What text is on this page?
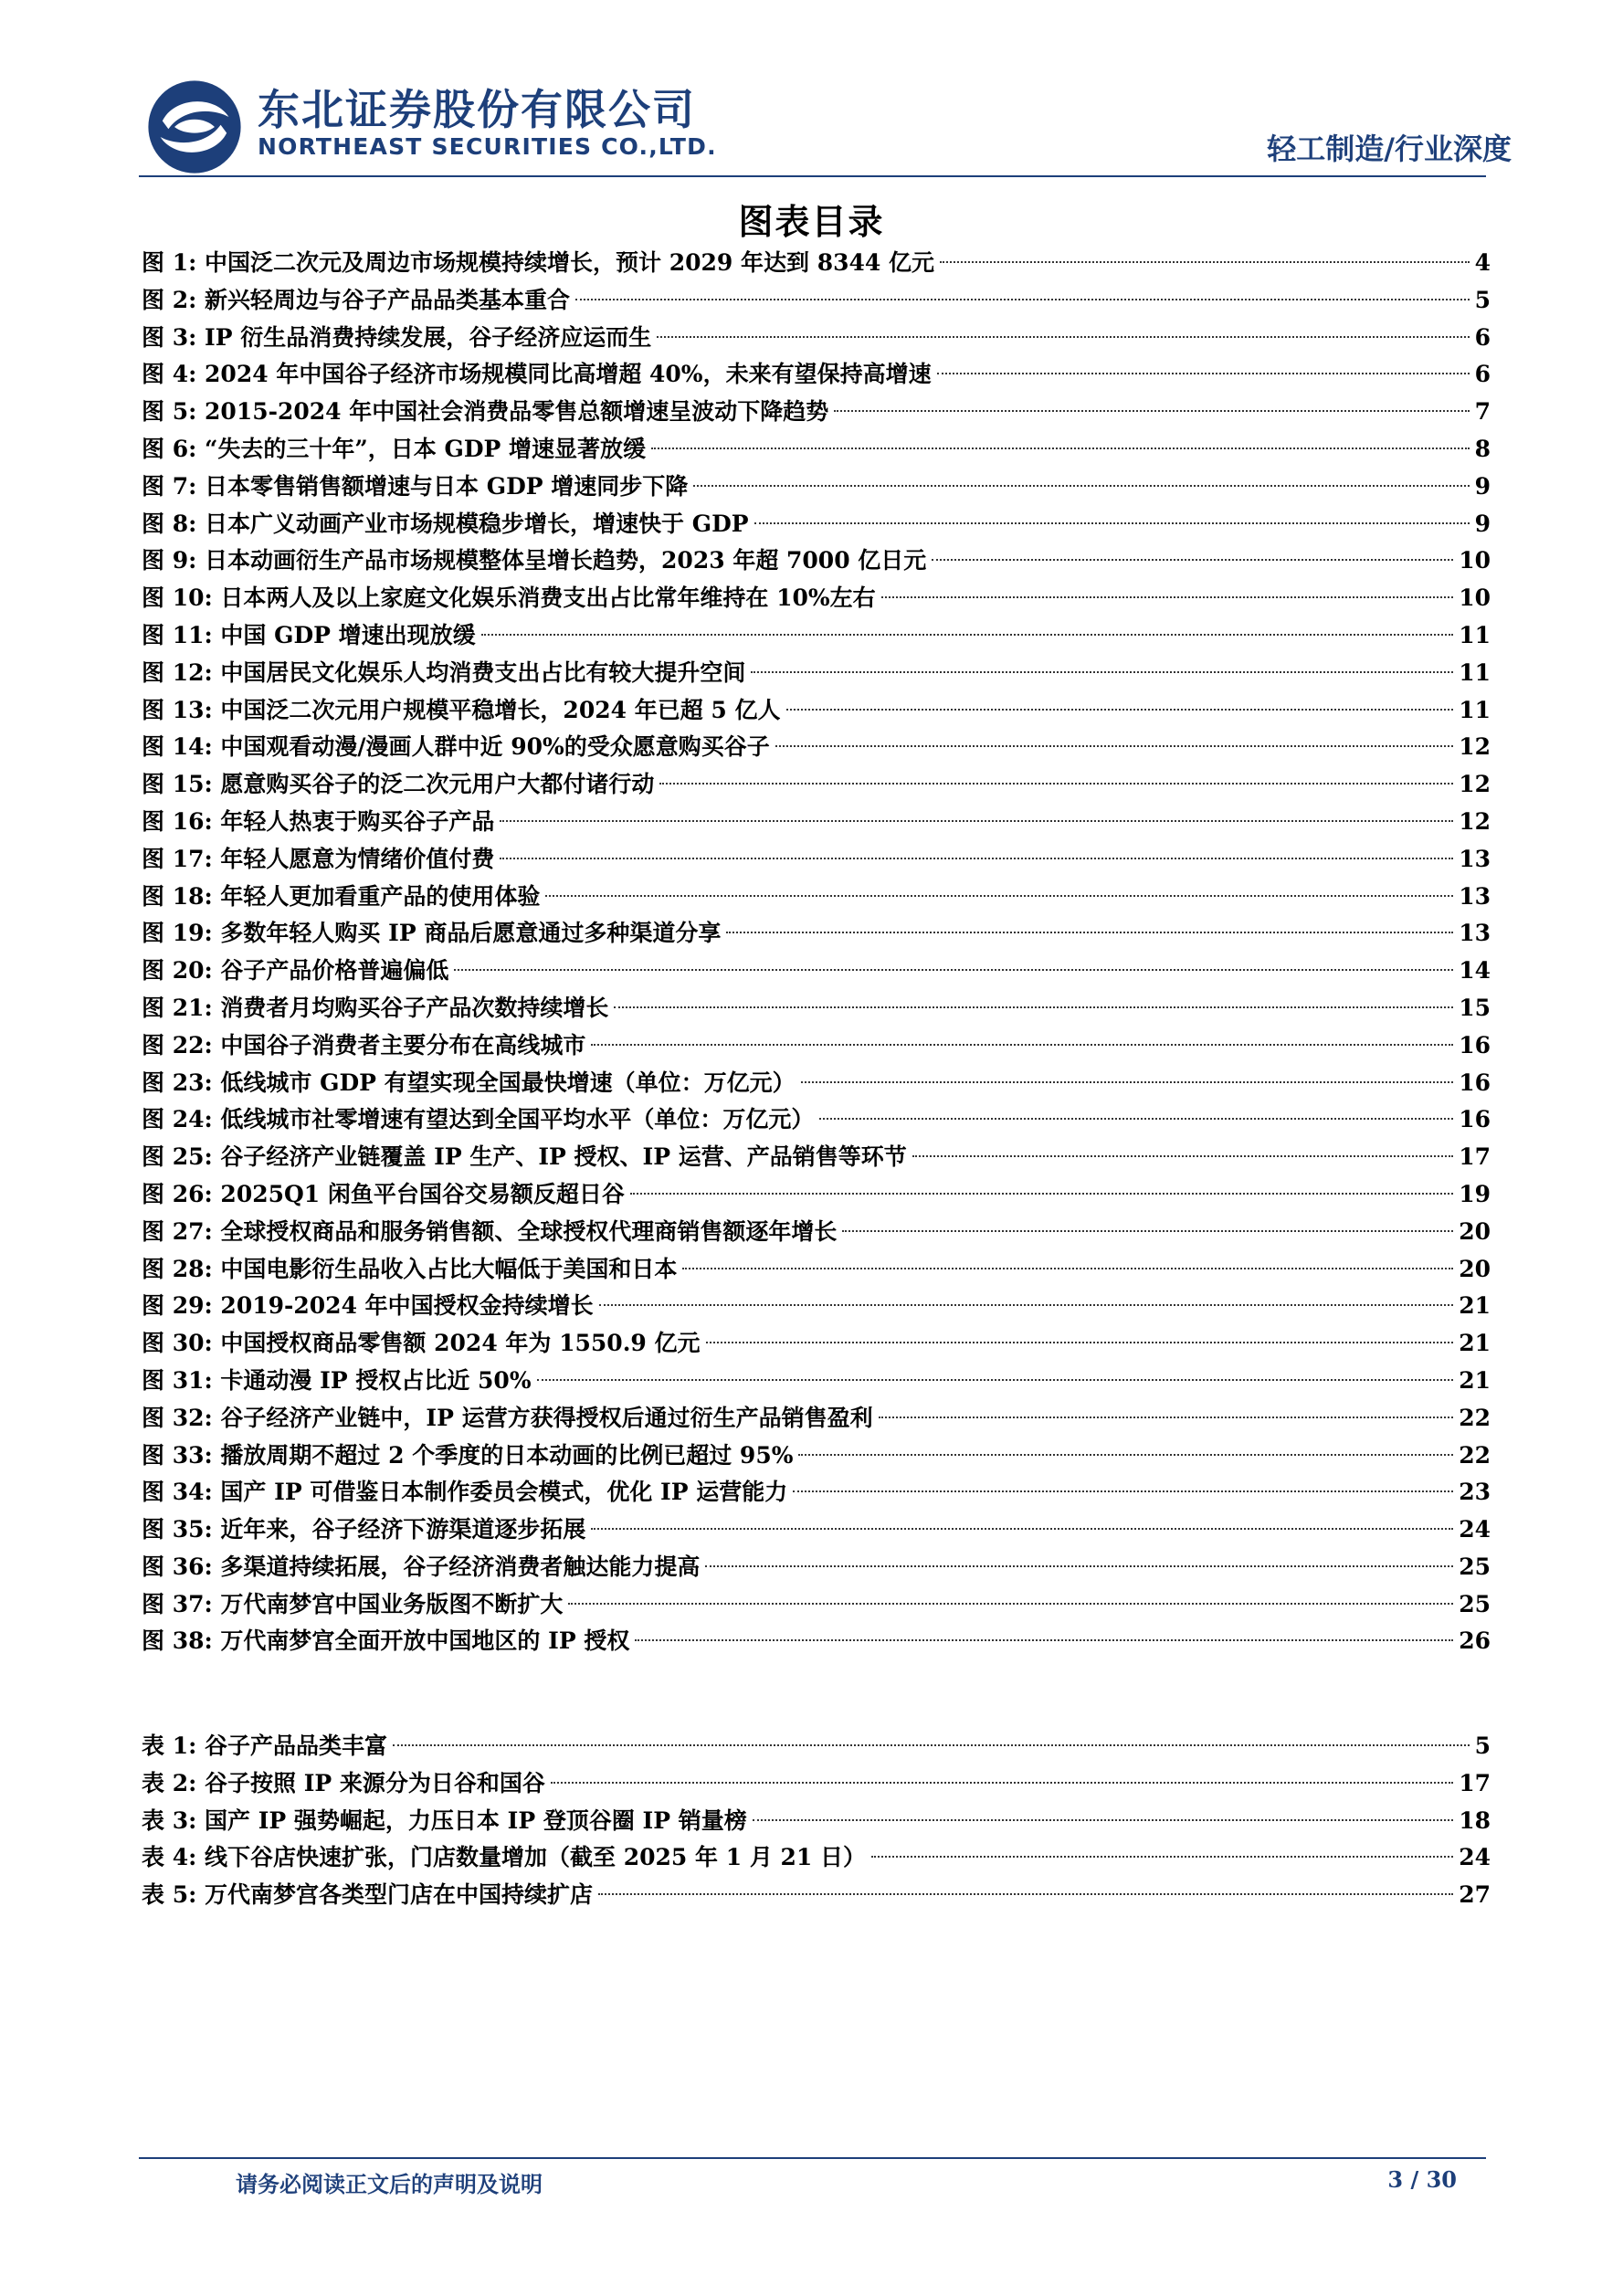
东北证券股份有限公司
NORTHEAST SECURITIES CO.,LTD.	轻工制造/行业深度
图表目录
图 1: 中国泛二次元及周边市场规模持续增长，预计 2029 年达到 8344 亿元	4
图 2: 新兴轻周边与谷子产品品类基本重合	5
图 3: IP 衍生品消费持续发展，谷子经济应运而生	6
图 4: 2024 年中国谷子经济市场规模同比高增超 40%，未来有望保持高增速	6
图 5: 2015-2024 年中国社会消费品零售总额增速呈波动下降趋势	7
图 6: “失去的三十年”，日本 GDP 增速显著放缓	8
图 7: 日本零售销售额增速与日本 GDP 增速同步下降	9
图 8: 日本广义动画产业市场规模稳步增长，增速快于 GDP	9
图 9: 日本动画衍生产品市场规模整体呈增长趋势，2023 年超 7000 亿日元	10
图 10: 日本两人及以上家庭文化娱乐消费支出占比常年维持在 10%左右	10
图 11: 中国 GDP 增速出现放缓	11
图 12: 中国居民文化娱乐人均消费支出占比有较大提升空间	11
图 13: 中国泛二次元用户规模平稳增长，2024 年已超 5 亿人	11
图 14: 中国观看动漫/漫画人群中近 90%的受众愿意购买谷子	12
图 15: 愿意购买谷子的泛二次元用户大都付诸行动	12
图 16: 年轻人热衷于购买谷子产品	12
图 17: 年轻人愿意为情绪价值付费	13
图 18: 年轻人更加看重产品的使用体验	13
图 19: 多数年轻人购买 IP 商品后愿意通过多种渠道分享	13
图 20: 谷子产品价格普遍偏低	14
图 21: 消费者月均购买谷子产品次数持续增长	15
图 22: 中国谷子消费者主要分布在高线城市	16
图 23: 低线城市 GDP 有望实现全国最快增速（单位：万亿元）	16
图 24: 低线城市社零增速有望达到全国平均水平（单位：万亿元）	16
图 25: 谷子经济产业链覆盖 IP 生产、IP 授权、IP 运营、产品销售等环节	17
图 26: 2025Q1 闲鱼平台国谷交易额反超日谷	19
图 27: 全球授权商品和服务销售额、全球授权代理商销售额逐年增长	20
图 28: 中国电影衍生品收入占比大幅低于美国和日本	20
图 29: 2019-2024 年中国授权金持续增长	21
图 30: 中国授权商品零售额 2024 年为 1550.9 亿元	21
图 31: 卡通动漫 IP 授权占比近 50%	21
图 32: 谷子经济产业链中，IP 运营方获得授权后通过衍生产品销售盈利	22
图 33: 播放周期不超过 2 个季度的日本动画的比例已超过 95%	22
图 34: 国产 IP 可借鉴日本制作委员会模式，优化 IP 运营能力	23
图 35: 近年来，谷子经济下游渠道逐步拓展	24
图 36: 多渠道持续拓展，谷子经济消费者触达能力提高	25
图 37: 万代南梦宫中国业务版图不断扩大	25
图 38: 万代南梦宫全面开放中国地区的 IP 授权	26
表 1: 谷子产品品类丰富	5
表 2: 谷子按照 IP 来源分为日谷和国谷	17
表 3: 国产 IP 强势崛起，力压日本 IP 登顶谷圈 IP 销量榜	18
表 4: 线下谷店快速扩张，门店数量增加（截至 2025 年 1 月 21 日）	24
表 5: 万代南梦宫各类型门店在中国持续扩店	27
请务必阅读正文后的声明及说明	3 / 30
